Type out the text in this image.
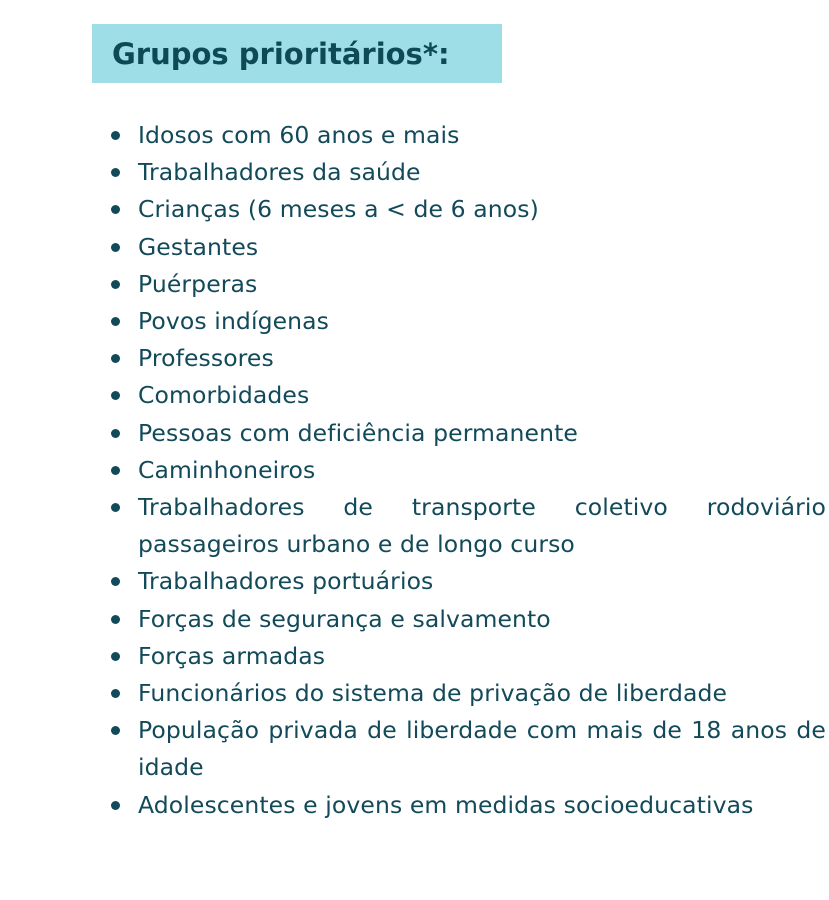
Grupos prioritários*:
Idosos com 60 anos e mais
Trabalhadores da saúde
Crianças (6 meses a < de 6 anos)
Gestantes
Puérperas
Povos indígenas
Professores
Comorbidades
Pessoas com deficiência permanente
Caminhoneiros
Trabalhadores de transporte coletivo rodoviário passageiros urbano e de longo curso
Trabalhadores portuários
Forças de segurança e salvamento
Forças armadas
Funcionários do sistema de privação de liberdade
População privada de liberdade com mais de 18 anos de idade
Adolescentes e jovens em medidas socioeducativas
